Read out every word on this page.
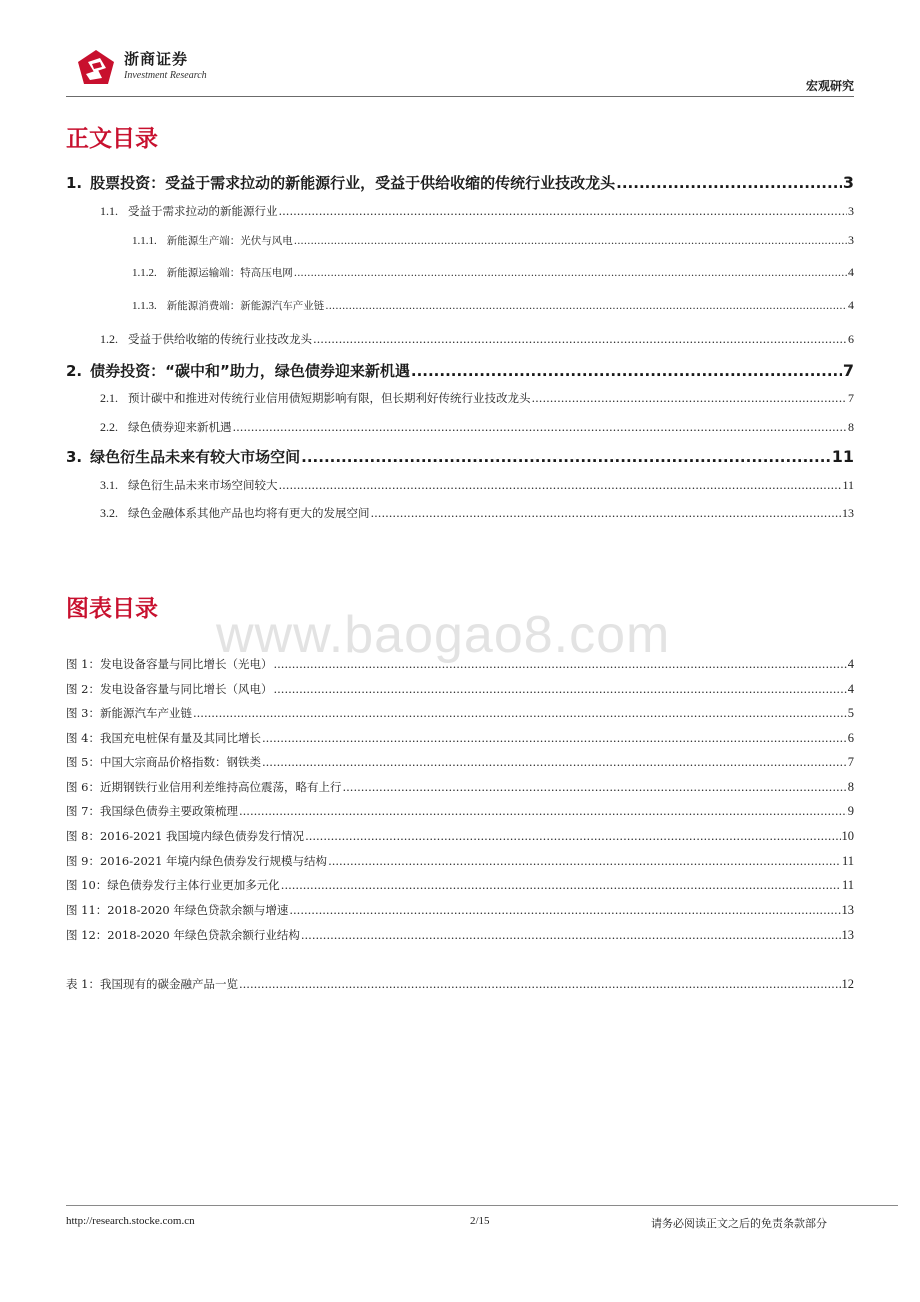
浙商证券
Investment Research
宏观研究
正文目录
1. 股票投资：受益于需求拉动的新能源行业，受益于供给收缩的传统行业技改龙头 .....	3
1.1. 受益于需求拉动的新能源行业 .....	3
1.1.1. 新能源生产端：光伏与风电 .....	3
1.1.2. 新能源运输端：特高压电网 .....	4
1.1.3. 新能源消费端：新能源汽车产业链 .....	4
1.2. 受益于供给收缩的传统行业技改龙头 .....	6
2. 债券投资：“碳中和”助力，绿色债券迎来新机遇 .....	7
2.1. 预计碳中和推进对传统行业信用债短期影响有限，但长期利好传统行业技改龙头 .....	7
2.2. 绿色债券迎来新机遇 .....	8
3. 绿色衍生品未来有较大市场空间 .....	11
3.1. 绿色衍生品未来市场空间较大 .....	11
3.2. 绿色金融体系其他产品也均将有更大的发展空间 .....	13
www.baogao8.com
图表目录
图 1： 发电设备容量与同比增长（光电） .....	4
图 2： 发电设备容量与同比增长（风电） .....	4
图 3： 新能源汽车产业链 .....	5
图 4： 我国充电桩保有量及其同比增长 .....	6
图 5： 中国大宗商品价格指数：钢铁类 .....	7
图 6： 近期钢铁行业信用利差维持高位震荡，略有上行 .....	8
图 7： 我国绿色债券主要政策梳理 .....	9
图 8： 2016-2021 我国境内绿色债券发行情况 .....	10
图 9： 2016-2021 年境内绿色债券发行规模与结构 .....	11
图 10： 绿色债券发行主体行业更加多元化 .....	11
图 11： 2018-2020 年绿色贷款余额与增速 .....	13
图 12： 2018-2020 年绿色贷款余额行业结构 .....	13
表 1： 我国现有的碳金融产品一览 .....	12
http://research.stocke.com.cn	2/15	请务必阅读正文之后的免责条款部分
